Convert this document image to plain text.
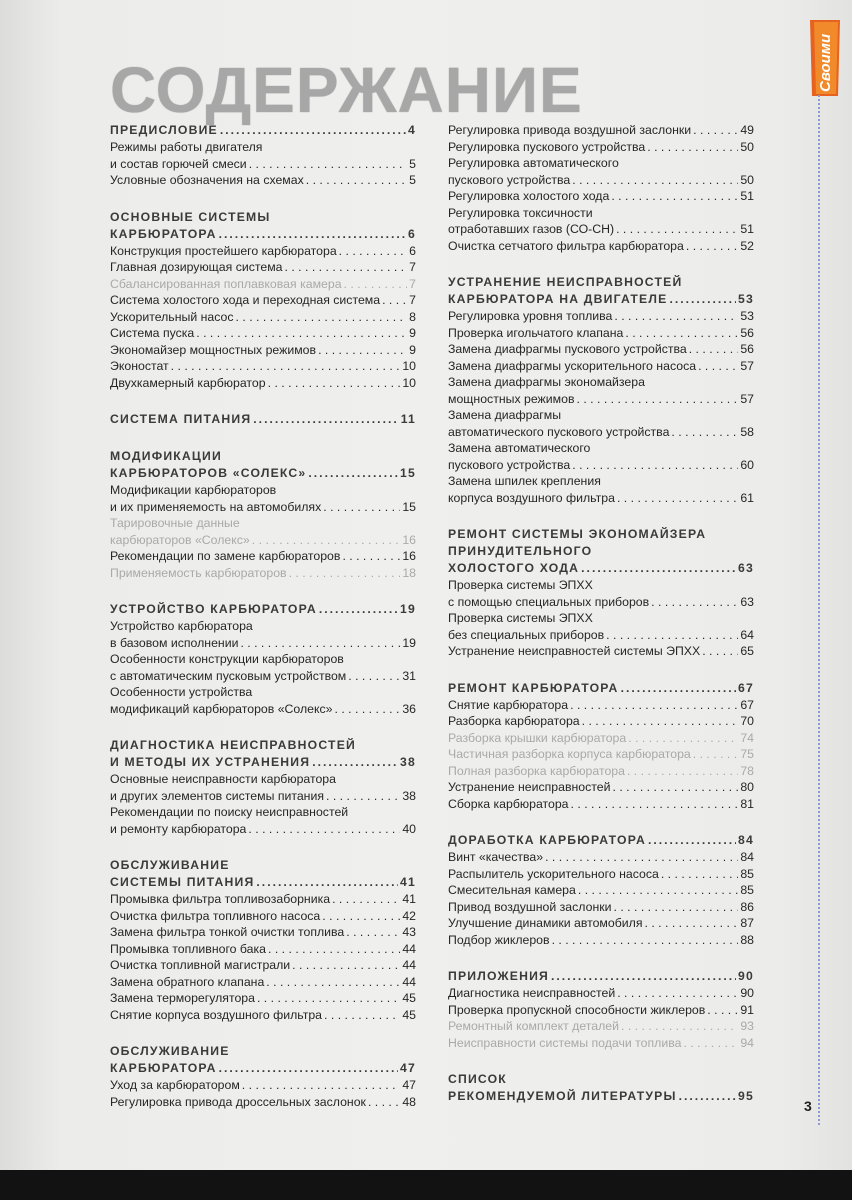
Своими
СОДЕРЖАНИЕ
ПРЕДИСЛОВИЕ .....	4
Режимы работы двигателя
и состав горючей смеси . . .	5
Условные обозначения на схемах . . .	5
ОСНОВНЫЕ СИСТЕМЫ
КАРБЮРАТОРА .....	6
Конструкция простейшего карбюратора . . .	6
Главная дозирующая система . . .	7
Сбалансированная поплавковая камера . . .	7
Система холостого хода и переходная система . . . 7
Ускорительный насос . . .	8
Система пуска . . .	9
Экономайзер мощностных режимов . . .	9
Эконостат . . .	10
Двухкамерный карбюратор . . .	10
СИСТЕМА ПИТАНИЯ .....	11
МОДИФИКАЦИИ
КАРБЮРАТОРОВ «СОЛЕКС» .....	15
Модификации карбюраторов
и их применяемость на автомобилях . . .	15
Тарировочные данные
карбюраторов «Солекс» . . .	16
Рекомендации по замене карбюраторов . . .	16
Применяемость карбюраторов . . .	18
УСТРОЙСТВО КАРБЮРАТОРА .....	19
Устройство карбюратора
в базовом исполнении . . .	19
Особенности конструкции карбюраторов
с автоматическим пусковым устройством . . .	31
Особенности устройства
модификаций карбюраторов «Солекс» . . .	36
ДИАГНОСТИКА НЕИСПРАВНОСТЕЙ
И МЕТОДЫ ИХ УСТРАНЕНИЯ .....	38
Основные неисправности карбюратора
и других элементов системы питания . . .	38
Рекомендации по поиску неисправностей
и ремонту карбюратора . . .	40
ОБСЛУЖИВАНИЕ
СИСТЕМЫ ПИТАНИЯ .....	41
Промывка фильтра топливозаборника . . .	41
Очистка фильтра топливного насоса . . .	42
Замена фильтра тонкой очистки топлива . . .	43
Промывка топливного бака . . .	44
Очистка топливной магистрали . . .	44
Замена обратного клапана . . .	44
Замена терморегулятора . . .	45
Снятие корпуса воздушного фильтра . . .	45
ОБСЛУЖИВАНИЕ
КАРБЮРАТОРА .....	47
Уход за карбюратором . . .	47
Регулировка привода дроссельных заслонок . . .	48
Регулировка привода воздушной заслонки . . .	49
Регулировка пускового устройства . . .	50
Регулировка автоматического
пускового устройства . . .	50
Регулировка холостого хода . . .	51
Регулировка токсичности
отработавших газов (СО-СН) . . .	51
Очистка сетчатого фильтра карбюратора . . .	52
УСТРАНЕНИЕ НЕИСПРАВНОСТЕЙ
КАРБЮРАТОРА НА ДВИГАТЕЛЕ .....	53
Регулировка уровня топлива . . .	53
Проверка игольчатого клапана . . .	56
Замена диафрагмы пускового устройства . . .	56
Замена диафрагмы ускорительного насоса . . .	57
Замена диафрагмы экономайзера
мощностных режимов . . .	57
Замена диафрагмы
автоматического пускового устройства . . .	58
Замена автоматического
пускового устройства . . .	60
Замена шпилек крепления
корпуса воздушного фильтра . . .	61
РЕМОНТ СИСТЕМЫ ЭКОНОМАЙЗЕРА
ПРИНУДИТЕЛЬНОГО
ХОЛОСТОГО ХОДА .....	63
Проверка системы ЭПХХ
с помощью специальных приборов . . .	63
Проверка системы ЭПХХ
без специальных приборов . . .	64
Устранение неисправностей системы ЭПХХ . . .	65
РЕМОНТ КАРБЮРАТОРА .....	67
Снятие карбюратора . . .	67
Разборка карбюратора . . .	70
Разборка крышки карбюратора . . .	74
Частичная разборка корпуса карбюратора . . .	75
Полная разборка карбюратора . . .	78
Устранение неисправностей . . .	80
Сборка карбюратора . . .	81
ДОРАБОТКА КАРБЮРАТОРА .....	84
Винт «качества» . . .	84
Распылитель ускорительного насоса . . .	85
Смесительная камера . . .	85
Привод воздушной заслонки . . .	86
Улучшение динамики автомобиля . . .	87
Подбор жиклеров . . .	88
ПРИЛОЖЕНИЯ .....	90
Диагностика неисправностей . . .	90
Проверка пропускной способности жиклеров . . .	91
Ремонтный комплект деталей . . .	93
Неисправности системы подачи топлива . . .	94
СПИСОК
РЕКОМЕНДУЕМОЙ ЛИТЕРАТУРЫ .....	95
3
